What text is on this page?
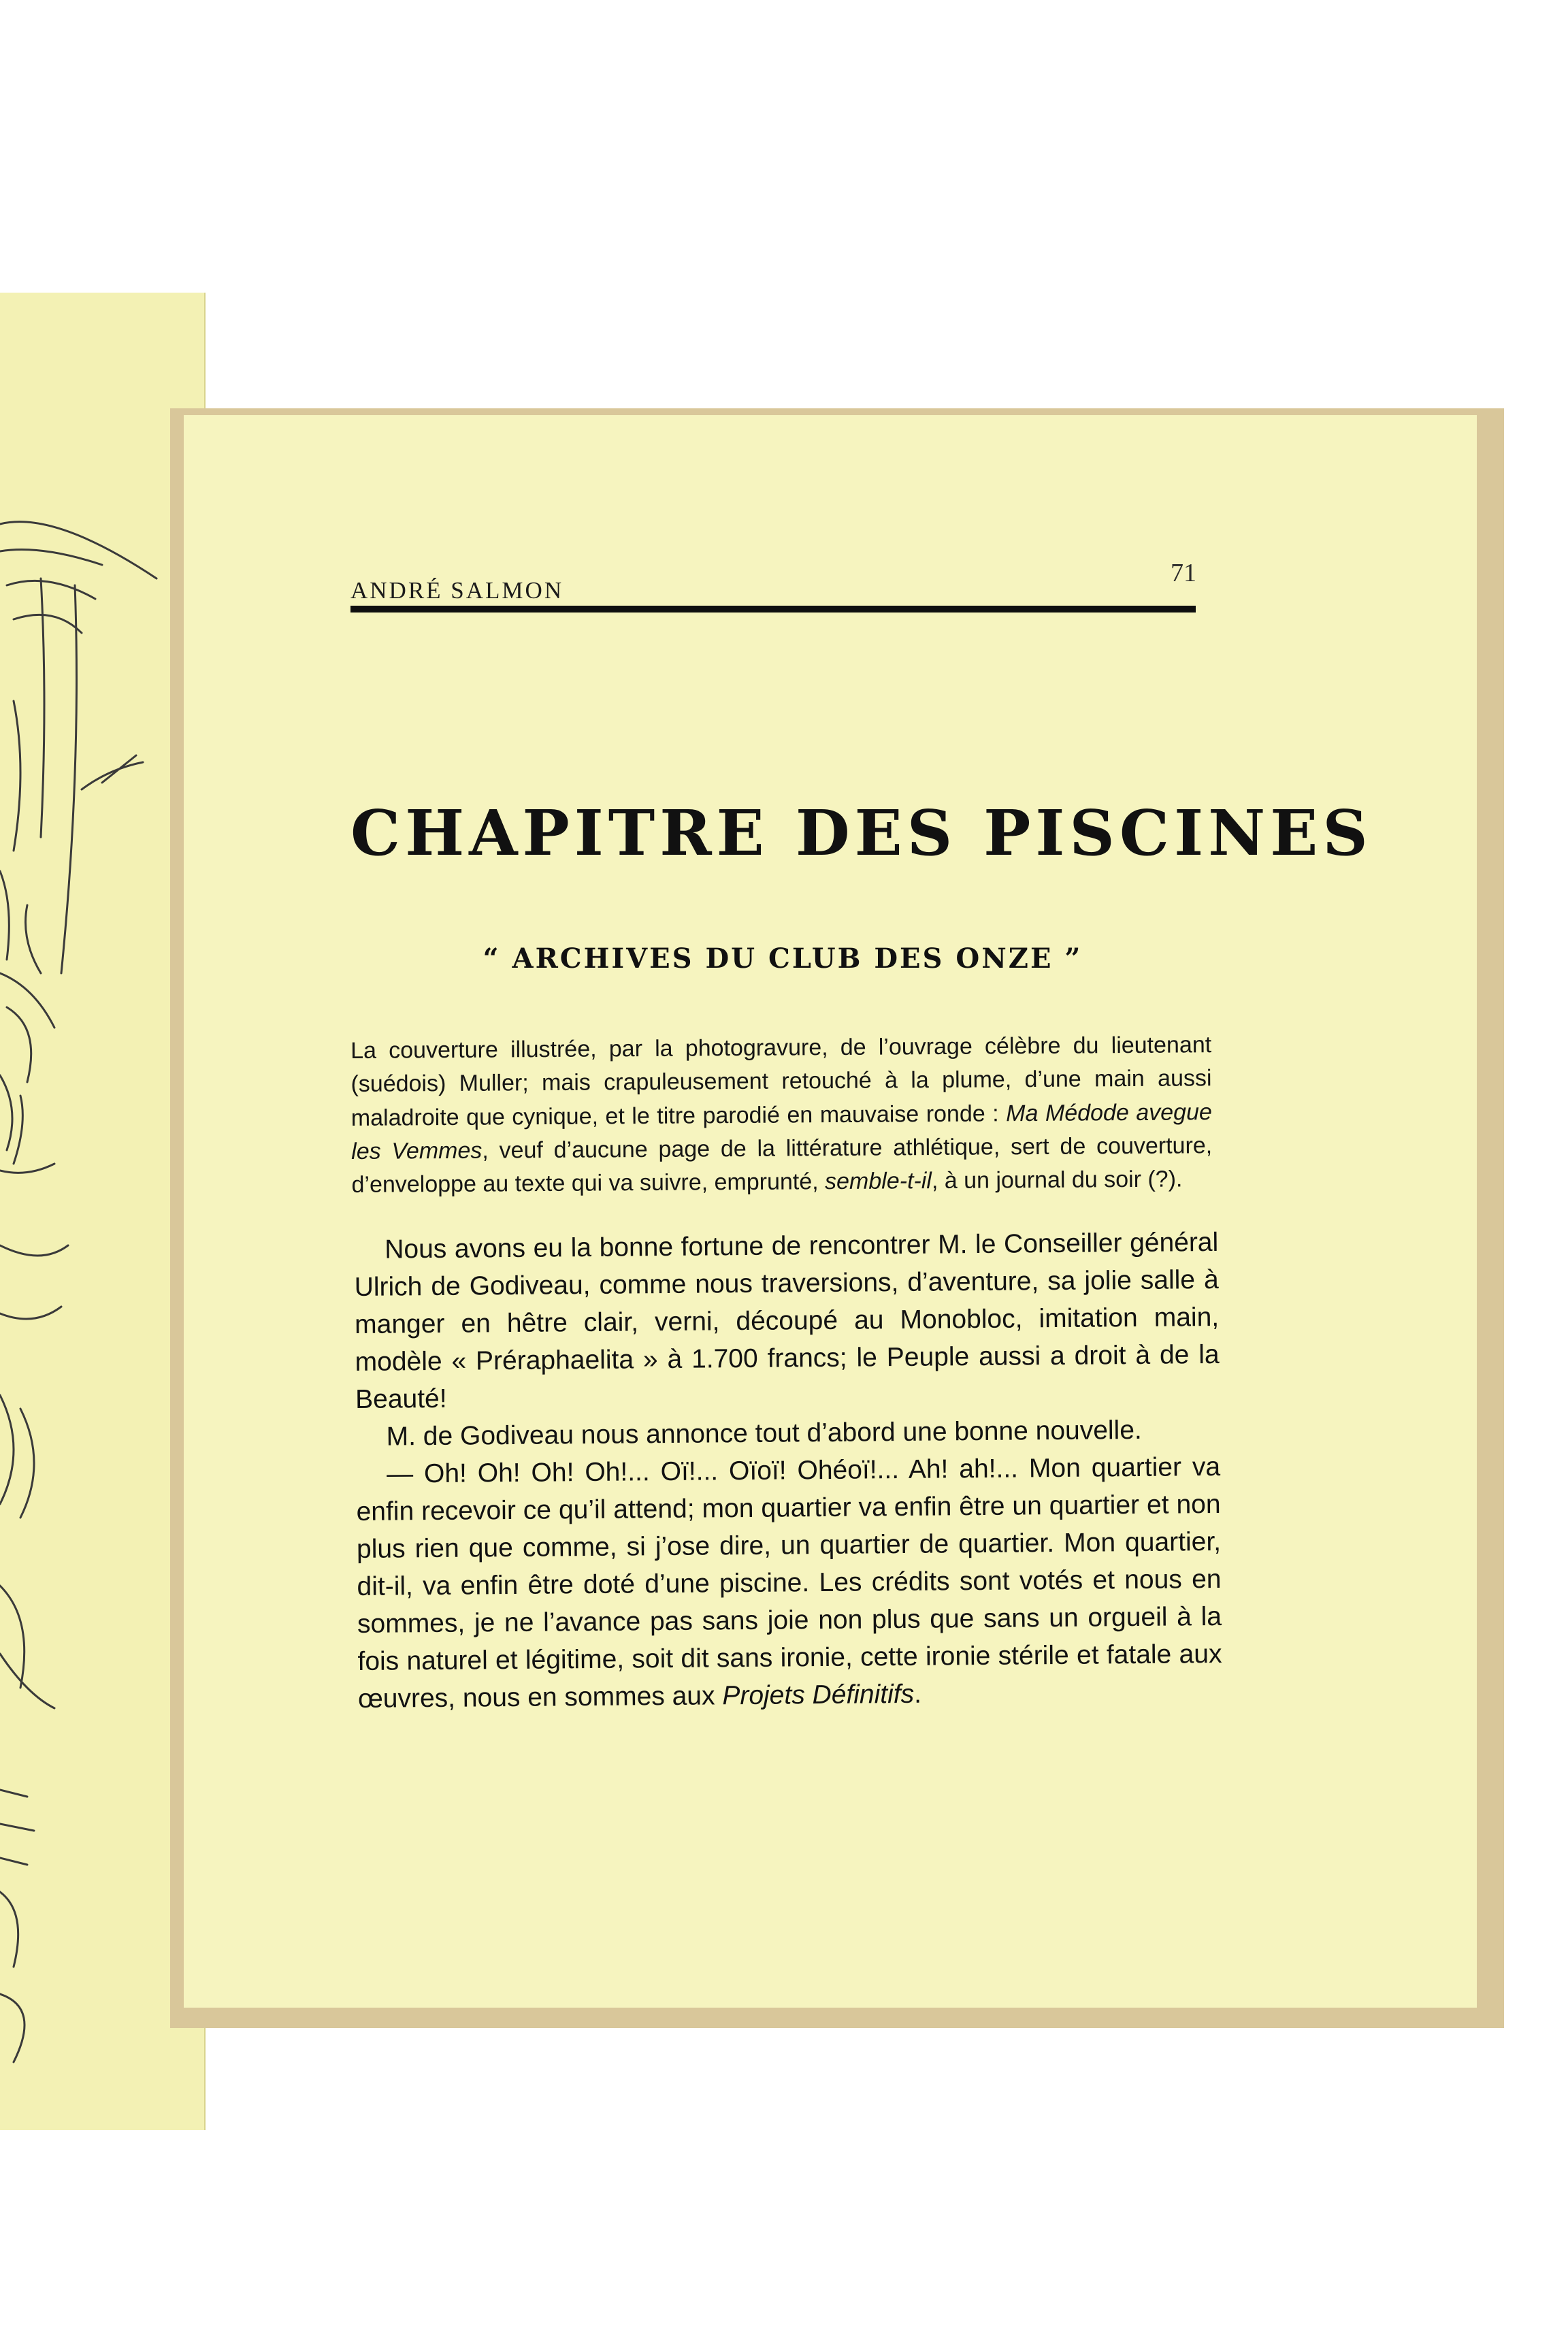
ANDRÉ SALMON
71
CHAPITRE DES PISCINES
“ ARCHIVES DU CLUB DES ONZE ”

La couverture illustrée, par la photogravure, de l’ouvrage célèbre du lieutenant (suédois) Muller; mais crapuleusement retouché à la plume, d’une main aussi maladroite que cynique, et le titre parodié en mauvaise ronde : Ma Médode avegue les Vemmes, veuf d’aucune page de la littérature athlétique, sert de couverture, d’enveloppe au texte qui va suivre, emprunté, semble-t-il, à un journal du soir (?).

Nous avons eu la bonne fortune de rencontrer M. le Conseiller général Ulrich de Godiveau, comme nous traversions, d’aventure, sa jolie salle à manger en hêtre clair, verni, découpé au Monobloc, imitation main, modèle « Préraphaelita » à 1.700 francs; le Peuple aussi a droit à de la Beauté!

M. de Godiveau nous annonce tout d’abord une bonne nouvelle.

— Oh! Oh! Oh! Oh!... Oï!... Oïoï! Ohéoï!... Ah! ah!... Mon quartier va enfin recevoir ce qu’il attend; mon quartier va enfin être un quartier et non plus rien que comme, si j’ose dire, un quartier de quartier. Mon quartier, dit-il, va enfin être doté d’une piscine. Les crédits sont votés et nous en sommes, je ne l’avance pas sans joie non plus que sans un orgueil à la fois naturel et légitime, soit dit sans ironie, cette ironie stérile et fatale aux œuvres, nous en sommes aux Projets Définitifs.
